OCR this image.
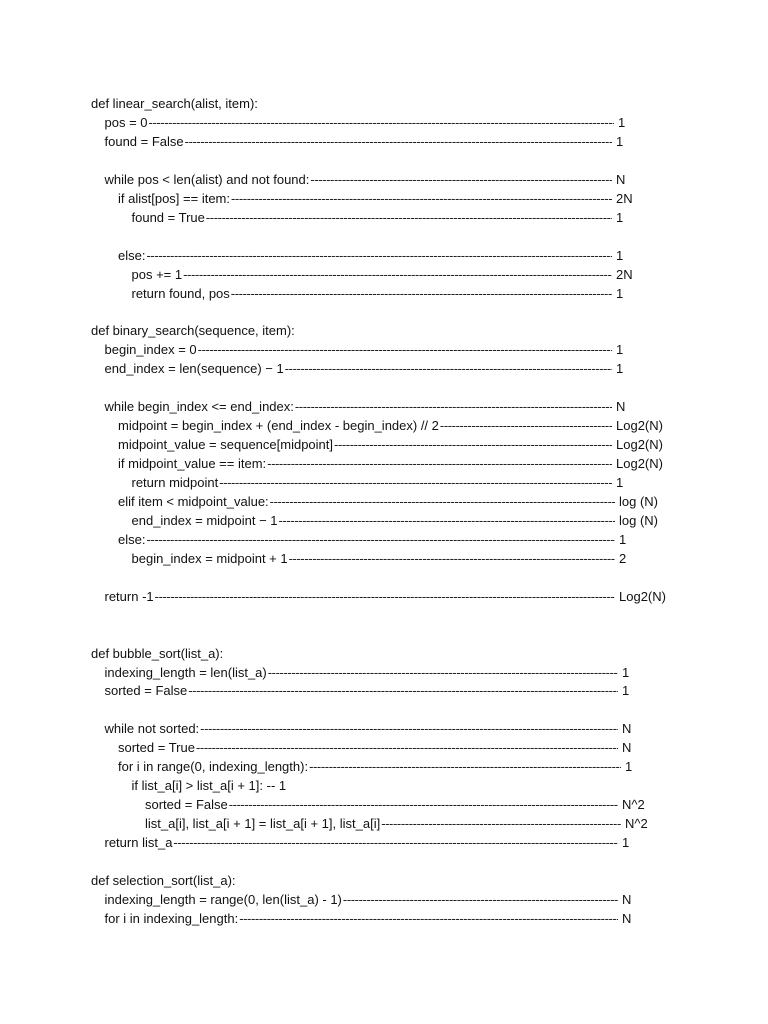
def linear_search(alist, item):
pos = 0 -----	1
found = False -----	1
while pos < len(alist) and not found: -----	N
if alist[pos] == item: -----	2N
found = True -----	1
else: -----	1
pos += 1 -----	2N
return found, pos -----	1
def binary_search(sequence, item):
begin_index = 0 -----	1
end_index = len(sequence) − 1 -----	1
while begin_index <= end_index: -----	N
midpoint = begin_index + (end_index - begin_index) // 2 -----	Log2(N)
midpoint_value = sequence[midpoint] -----	Log2(N)
if midpoint_value == item: -----	Log2(N)
return midpoint -----	1
elif item < midpoint_value: -----	log (N)
end_index = midpoint − 1 -----	log (N)
else: -----	1
begin_index = midpoint + 1 -----	2
return -1 -----	Log2(N)
def bubble_sort(list_a):
indexing_length = len(list_a) -----	1
sorted = False -----	1
while not sorted: -----	N
sorted = True -----	N
for i in range(0, indexing_length): -----	1
if list_a[i] > list_a[i + 1]: -- 1
sorted = False -----	N^2
list_a[i], list_a[i + 1] = list_a[i + 1], list_a[i] -----	N^2
return list_a -----	1
def selection_sort(list_a):
indexing_length = range(0, len(list_a) - 1) -----	N
for i in indexing_length: -----	N
